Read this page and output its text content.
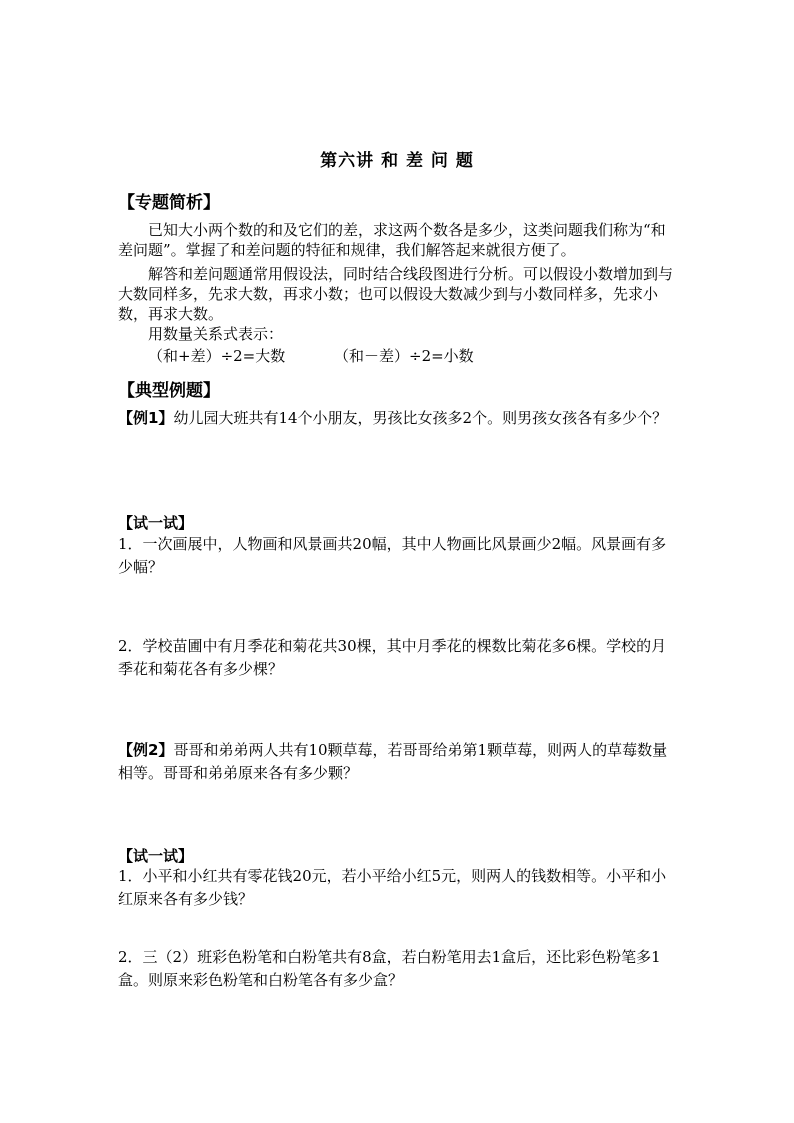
第六讲 和 差 问 题
【专题简析】
已知大小两个数的和及它们的差，求这两个数各是多少，这类问题我们称为“和差问题”。掌握了和差问题的特征和规律，我们解答起来就很方便了。
解答和差问题通常用假设法，同时结合线段图进行分析。可以假设小数增加到与大数同样多，先求大数，再求小数；也可以假设大数减少到与小数同样多，先求小数，再求大数。
用数量关系式表示：
（和+差）÷2=大数	（和－差）÷2=小数
【典型例题】
【例1】幼儿园大班共有14个小朋友，男孩比女孩多2个。则男孩女孩各有多少个？
【试一试】
1．一次画展中，人物画和风景画共20幅，其中人物画比风景画少2幅。风景画有多少幅？
2．学校苗圃中有月季花和菊花共30棵，其中月季花的棵数比菊花多6棵。学校的月季花和菊花各有多少棵？
【例2】哥哥和弟弟两人共有10颗草莓，若哥哥给弟第1颗草莓，则两人的草莓数量相等。哥哥和弟弟原来各有多少颗？
【试一试】
1．小平和小红共有零花钱20元，若小平给小红5元，则两人的钱数相等。小平和小红原来各有多少钱？
2．三（2）班彩色粉笔和白粉笔共有8盒，若白粉笔用去1盒后，还比彩色粉笔多1盒。则原来彩色粉笔和白粉笔各有多少盒？
